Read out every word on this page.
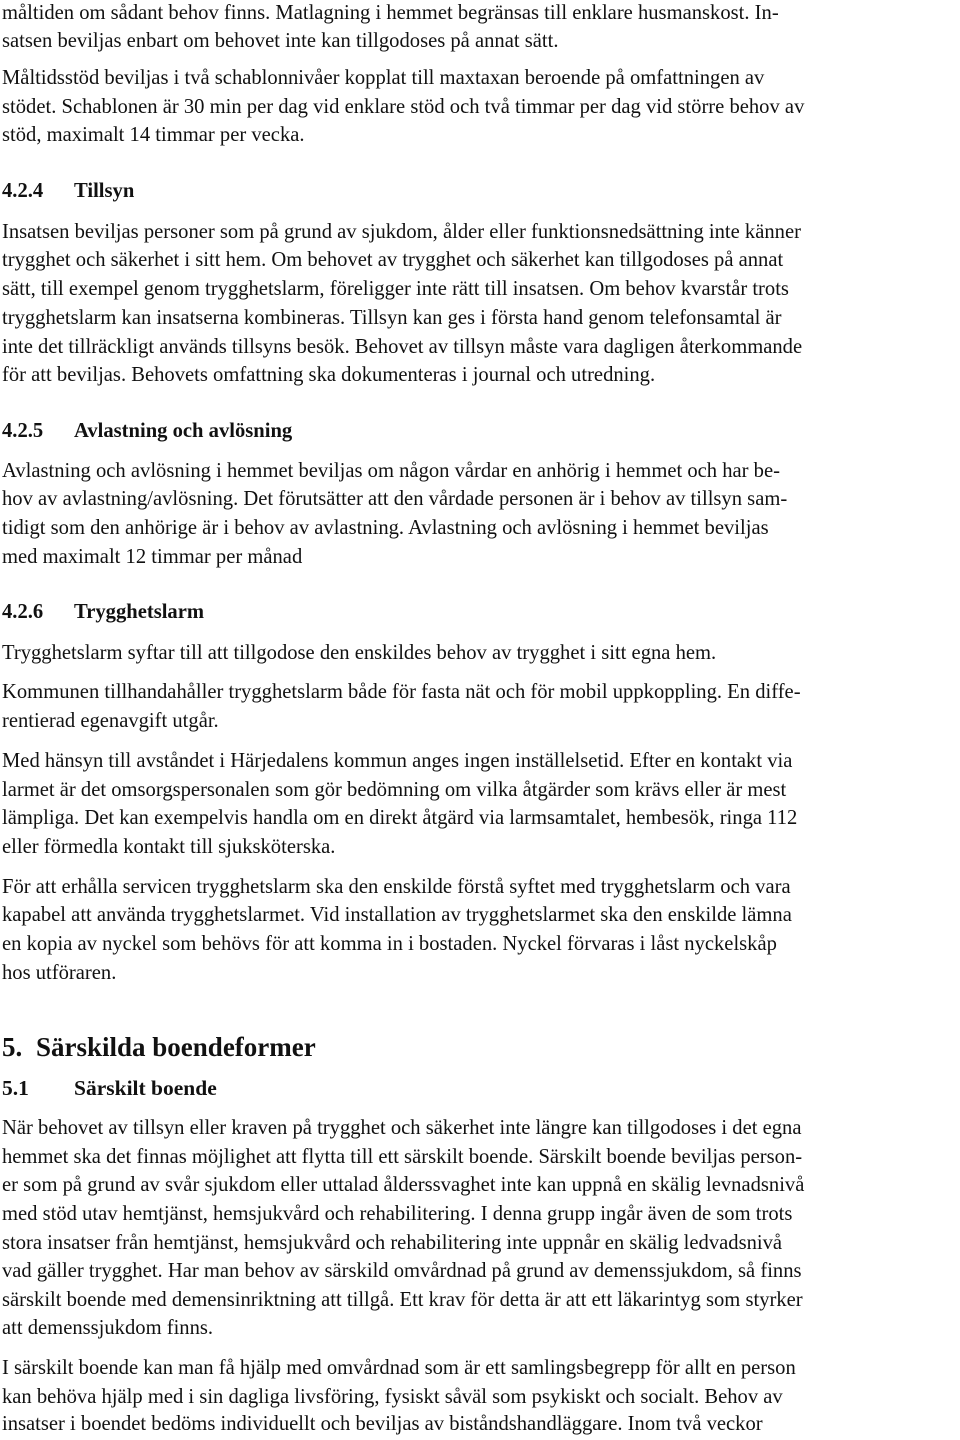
måltiden om sådant behov finns. Matlagning i hemmet begränsas till enklare husmanskost. In-
satsen beviljas enbart om behovet inte kan tillgodoses på annat sätt.
Måltidsstöd beviljas i två schablonnivåer kopplat till maxtaxan beroende på omfattningen av
stödet. Schablonen är 30 min per dag vid enklare stöd och två timmar per dag vid större behov av
stöd, maximalt 14 timmar per vecka.
4.2.4 Tillsyn
Insatsen beviljas personer som på grund av sjukdom, ålder eller funktionsnedsättning inte känner
trygghet och säkerhet i sitt hem. Om behovet av trygghet och säkerhet kan tillgodoses på annat
sätt, till exempel genom trygghetslarm, föreligger inte rätt till insatsen. Om behov kvarstår trots
trygghetslarm kan insatserna kombineras. Tillsyn kan ges i första hand genom telefonsamtal är
inte det tillräckligt används tillsyns besök. Behovet av tillsyn måste vara dagligen återkommande
för att beviljas. Behovets omfattning ska dokumenteras i journal och utredning.
4.2.5 Avlastning och avlösning
Avlastning och avlösning i hemmet beviljas om någon vårdar en anhörig i hemmet och har be-
hov av avlastning/avlösning. Det förutsätter att den vårdade personen är i behov av tillsyn sam-
tidigt som den anhörige är i behov av avlastning. Avlastning och avlösning i hemmet beviljas
med maximalt 12 timmar per månad
4.2.6 Trygghetslarm
Trygghetslarm syftar till att tillgodose den enskildes behov av trygghet i sitt egna hem.
Kommunen tillhandahåller trygghetslarm både för fasta nät och för mobil uppkoppling. En diffe-
rentierad egenavgift utgår.
Med hänsyn till avståndet i Härjedalens kommun anges ingen inställelsetid. Efter en kontakt via
larmet är det omsorgspersonalen som gör bedömning om vilka åtgärder som krävs eller är mest
lämpliga. Det kan exempelvis handla om en direkt åtgärd via larmsamtalet, hembesök, ringa 112
eller förmedla kontakt till sjuksköterska.
För att erhålla servicen trygghetslarm ska den enskilde förstå syftet med trygghetslarm och vara
kapabel att använda trygghetslarmet. Vid installation av trygghetslarmet ska den enskilde lämna
en kopia av nyckel som behövs för att komma in i bostaden. Nyckel förvaras i låst nyckelskåp
hos utföraren.
5. Särskilda boendeformer
5.1 Särskilt boende
När behovet av tillsyn eller kraven på trygghet och säkerhet inte längre kan tillgodoses i det egna
hemmet ska det finnas möjlighet att flytta till ett särskilt boende. Särskilt boende beviljas person-
er som på grund av svår sjukdom eller uttalad ålderssvaghet inte kan uppnå en skälig levnadsnivå
med stöd utav hemtjänst, hemsjukvård och rehabilitering. I denna grupp ingår även de som trots
stora insatser från hemtjänst, hemsjukvård och rehabilitering inte uppnår en skälig ledvadsnivå
vad gäller trygghet. Har man behov av särskild omvårdnad på grund av demenssjukdom, så finns
särskilt boende med demensinriktning att tillgå. Ett krav för detta är att ett läkarintyg som styrker
att demenssjukdom finns.
I särskilt boende kan man få hjälp med omvårdnad som är ett samlingsbegrepp för allt en person
kan behöva hjälp med i sin dagliga livsföring, fysiskt såväl som psykiskt och socialt. Behov av
insatser i boendet bedöms individuellt och beviljas av biståndshandläggare. Inom två veckor
